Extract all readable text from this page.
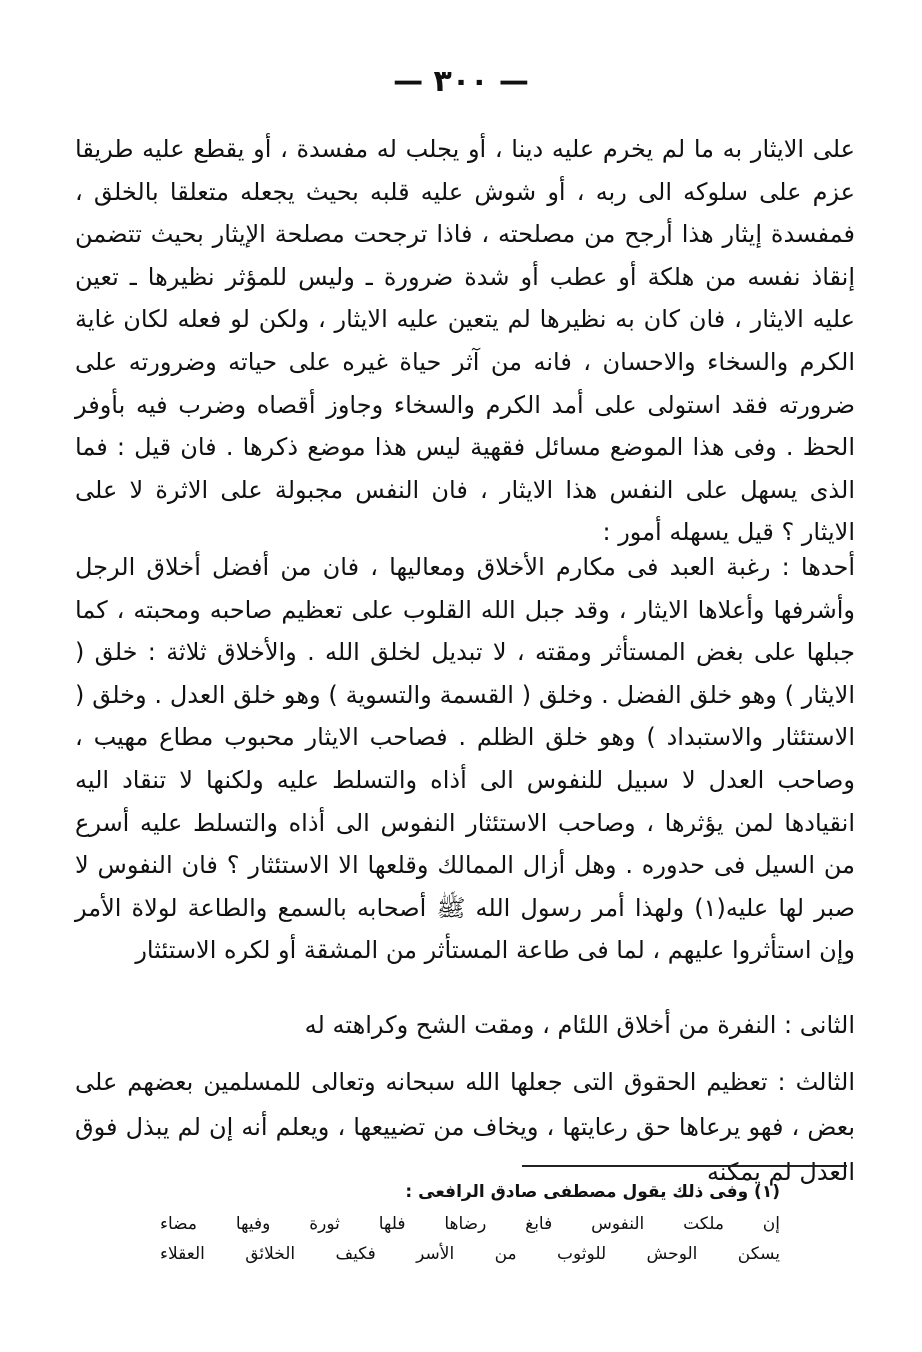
— ٣٠٠ —

على الايثار به ما لم يخرم عليه دينا ، أو يجلب له مفسدة ، أو يقطع عليه طريقا عزم على سلوكه الى ربه ، أو شوش عليه قلبه بحيث يجعله متعلقا بالخلق ، فمفسدة إيثار هذا أرجح من مصلحته ، فاذا ترجحت مصلحة الإيثار بحيث تتضمن إنقاذ نفسه من هلكة أو عطب أو شدة ضرورة ـ وليس للمؤثر نظيرها ـ تعين عليه الايثار ، فان كان به نظيرها لم يتعين عليه الايثار ، ولكن لو فعله لكان غاية الكرم والسخاء والاحسان ، فانه من آثر حياة غيره على حياته وضرورته على ضرورته فقد استولى على أمد الكرم والسخاء وجاوز أقصاه وضرب فيه بأوفر الحظ . وفى هذا الموضع مسائل فقهية ليس هذا موضع ذكرها . فان قيل : فما الذى يسهل على النفس هذا الايثار ، فان النفس مجبولة على الاثرة لا على الايثار ؟ قيل يسهله أمور :

أحدها : رغبة العبد فى مكارم الأخلاق ومعاليها ، فان من أفضل أخلاق الرجل وأشرفها وأعلاها الايثار ، وقد جبل الله القلوب على تعظيم صاحبه ومحبته ، كما جبلها على بغض المستأثر ومقته ، لا تبديل لخلق الله . والأخلاق ثلاثة : خلق ( الايثار ) وهو خلق الفضل . وخلق ( القسمة والتسوية ) وهو خلق العدل . وخلق ( الاستئثار والاستبداد ) وهو خلق الظلم . فصاحب الايثار محبوب مطاع مهيب ، وصاحب العدل لا سبيل للنفوس الى أذاه والتسلط عليه ولكنها لا تنقاد اليه انقيادها لمن يؤثرها ، وصاحب الاستئثار النفوس الى أذاه والتسلط عليه أسرع من السيل فى حدوره . وهل أزال الممالك وقلعها الا الاستئثار ؟ فان النفوس لا صبر لها عليه(١) ولهذا أمر رسول الله ﷺ أصحابه بالسمع والطاعة لولاة الأمر وإن استأثروا عليهم ، لما فى طاعة المستأثر من المشقة أو لكره الاستئثار

الثانى : النفرة من أخلاق اللئام ، ومقت الشح وكراهته له

الثالث : تعظيم الحقوق التى جعلها الله سبحانه وتعالى للمسلمين بعضهم على بعض ، فهو يرعاها حق رعايتها ، ويخاف من تضييعها ، ويعلم أنه إن لم يبذل فوق العدل لم يمكنه

(١) وفى ذلك يقول مصطفى صادق الرافعى :
إن ملكت النفوس فابغ رضاها فلها ثورة وفيها مضاء
يسكن الوحش للوثوب من الأسر فكيف الخلائق العقلاء
